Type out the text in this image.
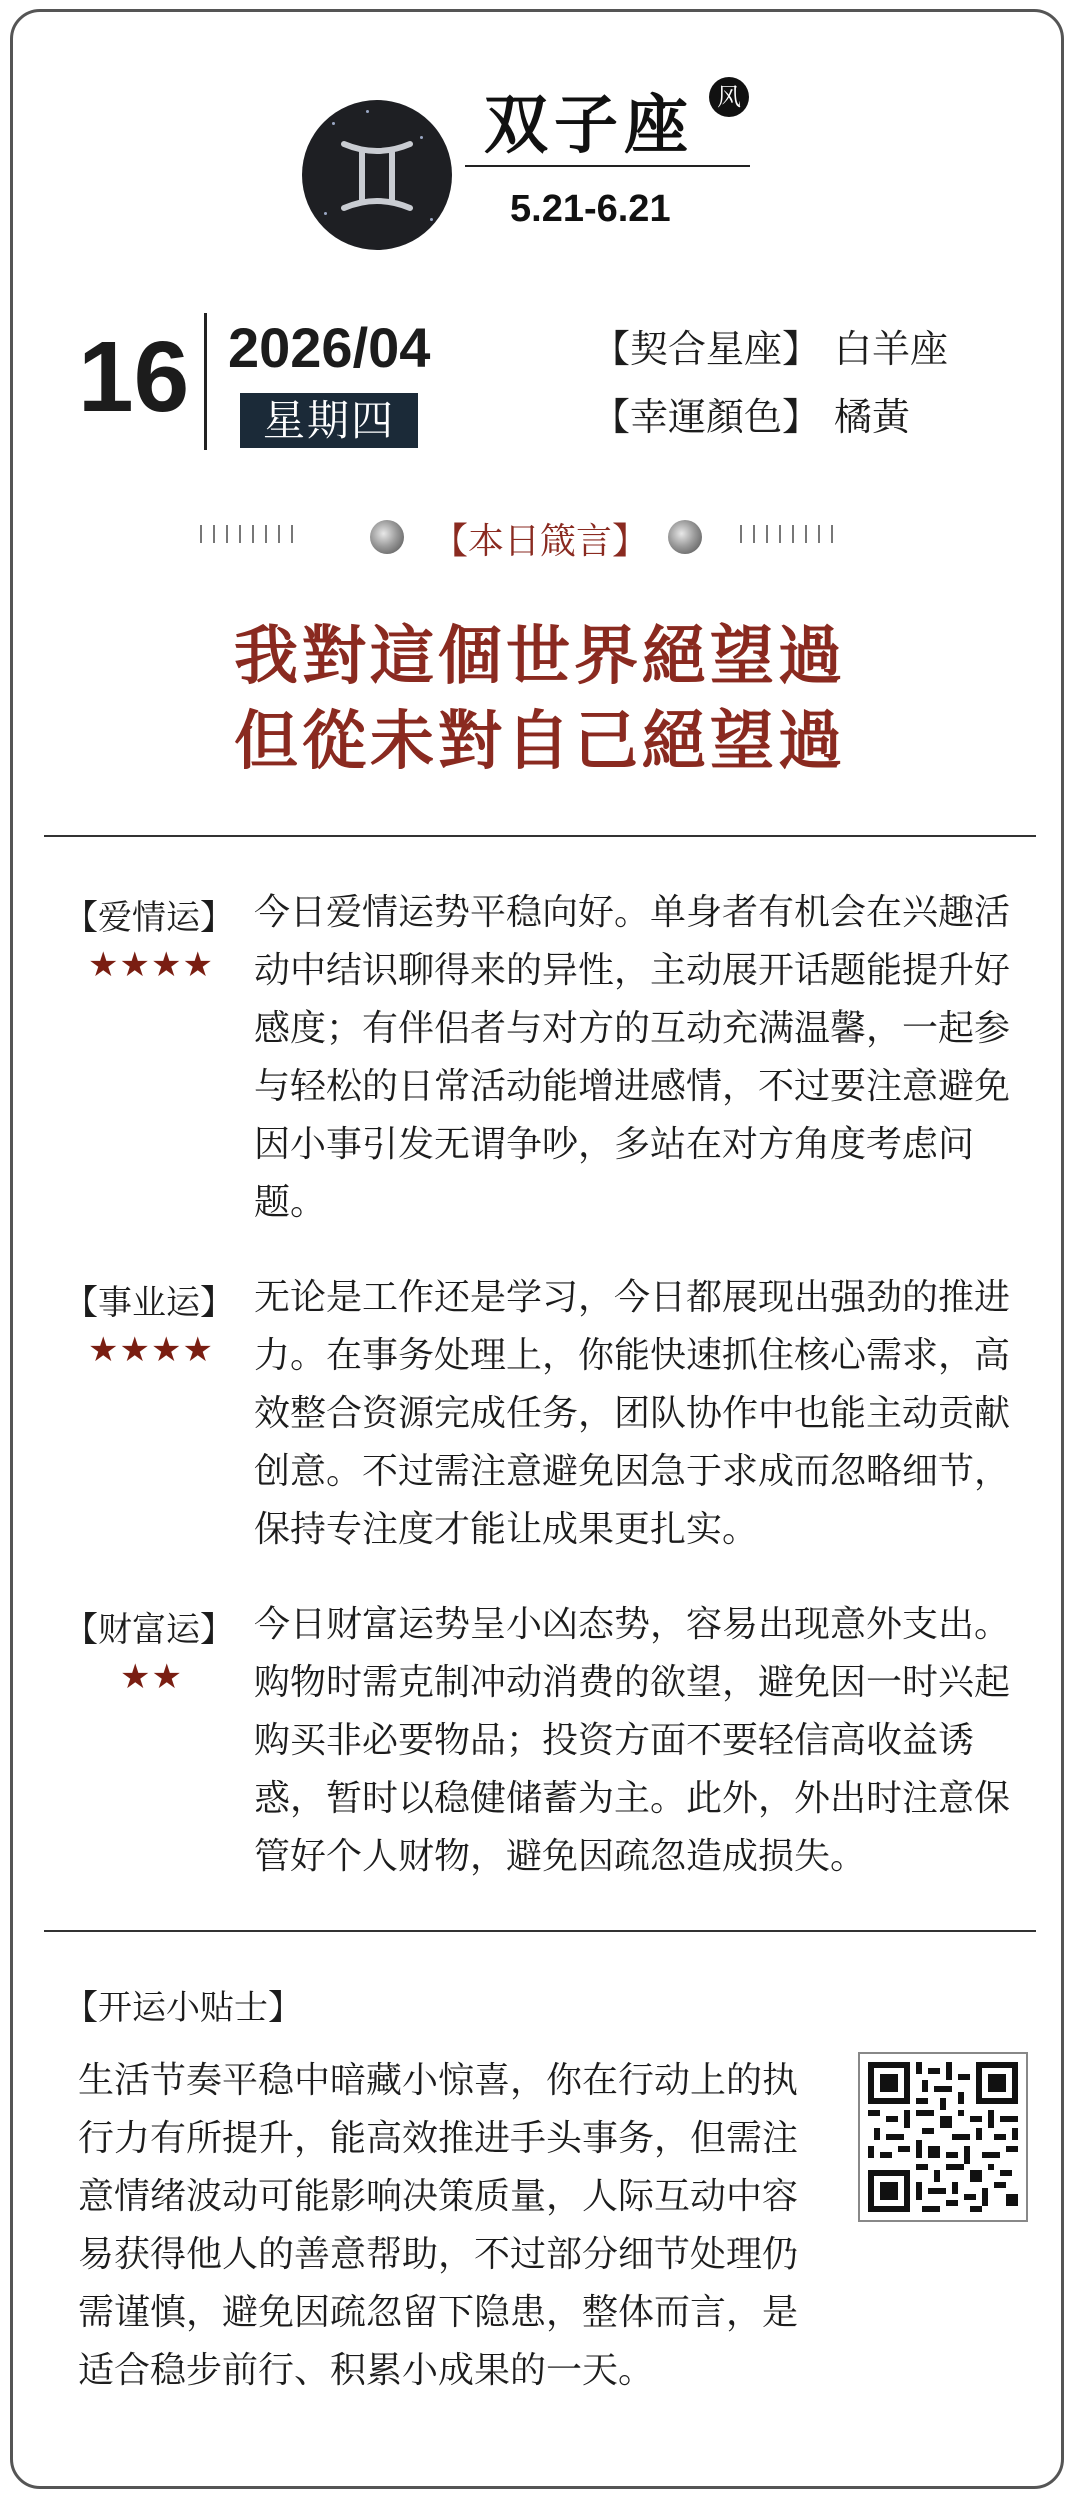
双子座 风
5.21-6.21
16 2026/04
星期四
【契合星座】 白羊座
【幸運顏色】 橘黃
【本日箴言】
我對這個世界絕望過
但從未對自己絕望過
【爱情运】
★★★★
今日爱情运势平稳向好。单身者有机会在兴趣活动中结识聊得来的异性，主动展开话题能提升好感度；有伴侣者与对方的互动充满温馨，一起参与轻松的日常活动能增进感情，不过要注意避免因小事引发无谓争吵，多站在对方角度考虑问题。
【事业运】
★★★★
无论是工作还是学习，今日都展现出强劲的推进力。在事务处理上，你能快速抓住核心需求，高效整合资源完成任务，团队协作中也能主动贡献创意。不过需注意避免因急于求成而忽略细节，保持专注度才能让成果更扎实。
【财富运】
★★
今日财富运势呈小凶态势，容易出现意外支出。购物时需克制冲动消费的欲望，避免因一时兴起购买非必要物品；投资方面不要轻信高收益诱惑，暂时以稳健储蓄为主。此外，外出时注意保管好个人财物，避免因疏忽造成损失。
【开运小贴士】
生活节奏平稳中暗藏小惊喜，你在行动上的执行力有所提升，能高效推进手头事务，但需注意情绪波动可能影响决策质量，人际互动中容易获得他人的善意帮助，不过部分细节处理仍需谨慎，避免因疏忽留下隐患，整体而言，是适合稳步前行、积累小成果的一天。
